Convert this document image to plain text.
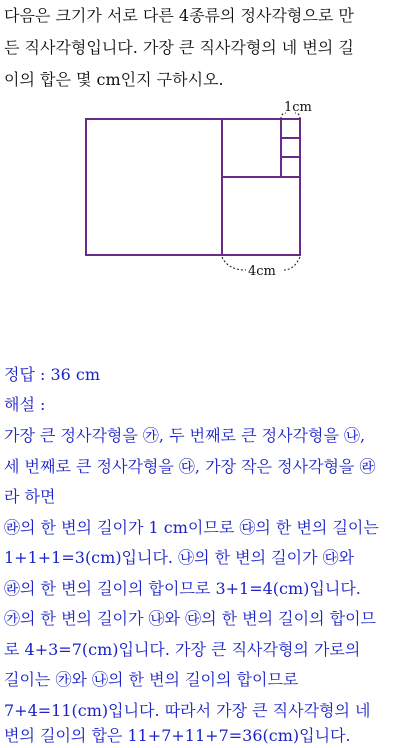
다음은 크기가 서로 다른 4종류의 정사각형으로 만
든 직사각형입니다. 가장 큰 직사각형의 네 변의 길
이의 합은 몇 cm인지 구하시오.
1cm
4cm
정답 : 36 cm
해설 :
가장 큰 정사각형을 ㉮, 두 번째로 큰 정사각형을 ㉯,
세 번째로 큰 정사각형을 ㉰, 가장 작은 정사각형을 ㉱
라 하면
㉱의 한 변의 길이가 1 cm이므로 ㉰의 한 변의 길이는
1+1+1=3(cm)입니다. ㉯의 한 변의 길이가 ㉰와
㉱의 한 변의 길이의 합이므로 3+1=4(cm)입니다.
㉮의 한 변의 길이가 ㉯와 ㉰의 한 변의 길이의 합이므
로 4+3=7(cm)입니다. 가장 큰 직사각형의 가로의
길이는 ㉮와 ㉯의 한 변의 길이의 합이므로
7+4=11(cm)입니다. 따라서 가장 큰 직사각형의 네
변의 길이의 합은 11+7+11+7=36(cm)입니다.
